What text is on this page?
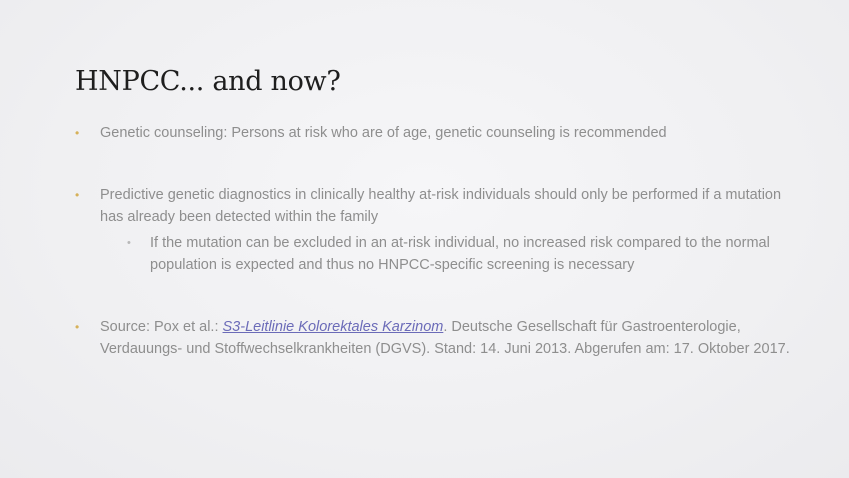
HNPCC... and now?
• Genetic counseling: Persons at risk who are of age, genetic counseling is recommended
• Predictive genetic diagnostics in clinically healthy at-risk individuals should only be performed if a mutation has already been detected within the family
• If the mutation can be excluded in an at-risk individual, no increased risk compared to the normal population is expected and thus no HNPCC-specific screening is necessary
• Source: Pox et al.: S3-Leitlinie Kolorektales Karzinom. Deutsche Gesellschaft für Gastroenterologie, Verdauungs- und Stoffwechselkrankheiten (DGVS). Stand: 14. Juni 2013. Abgerufen am: 17. Oktober 2017.
